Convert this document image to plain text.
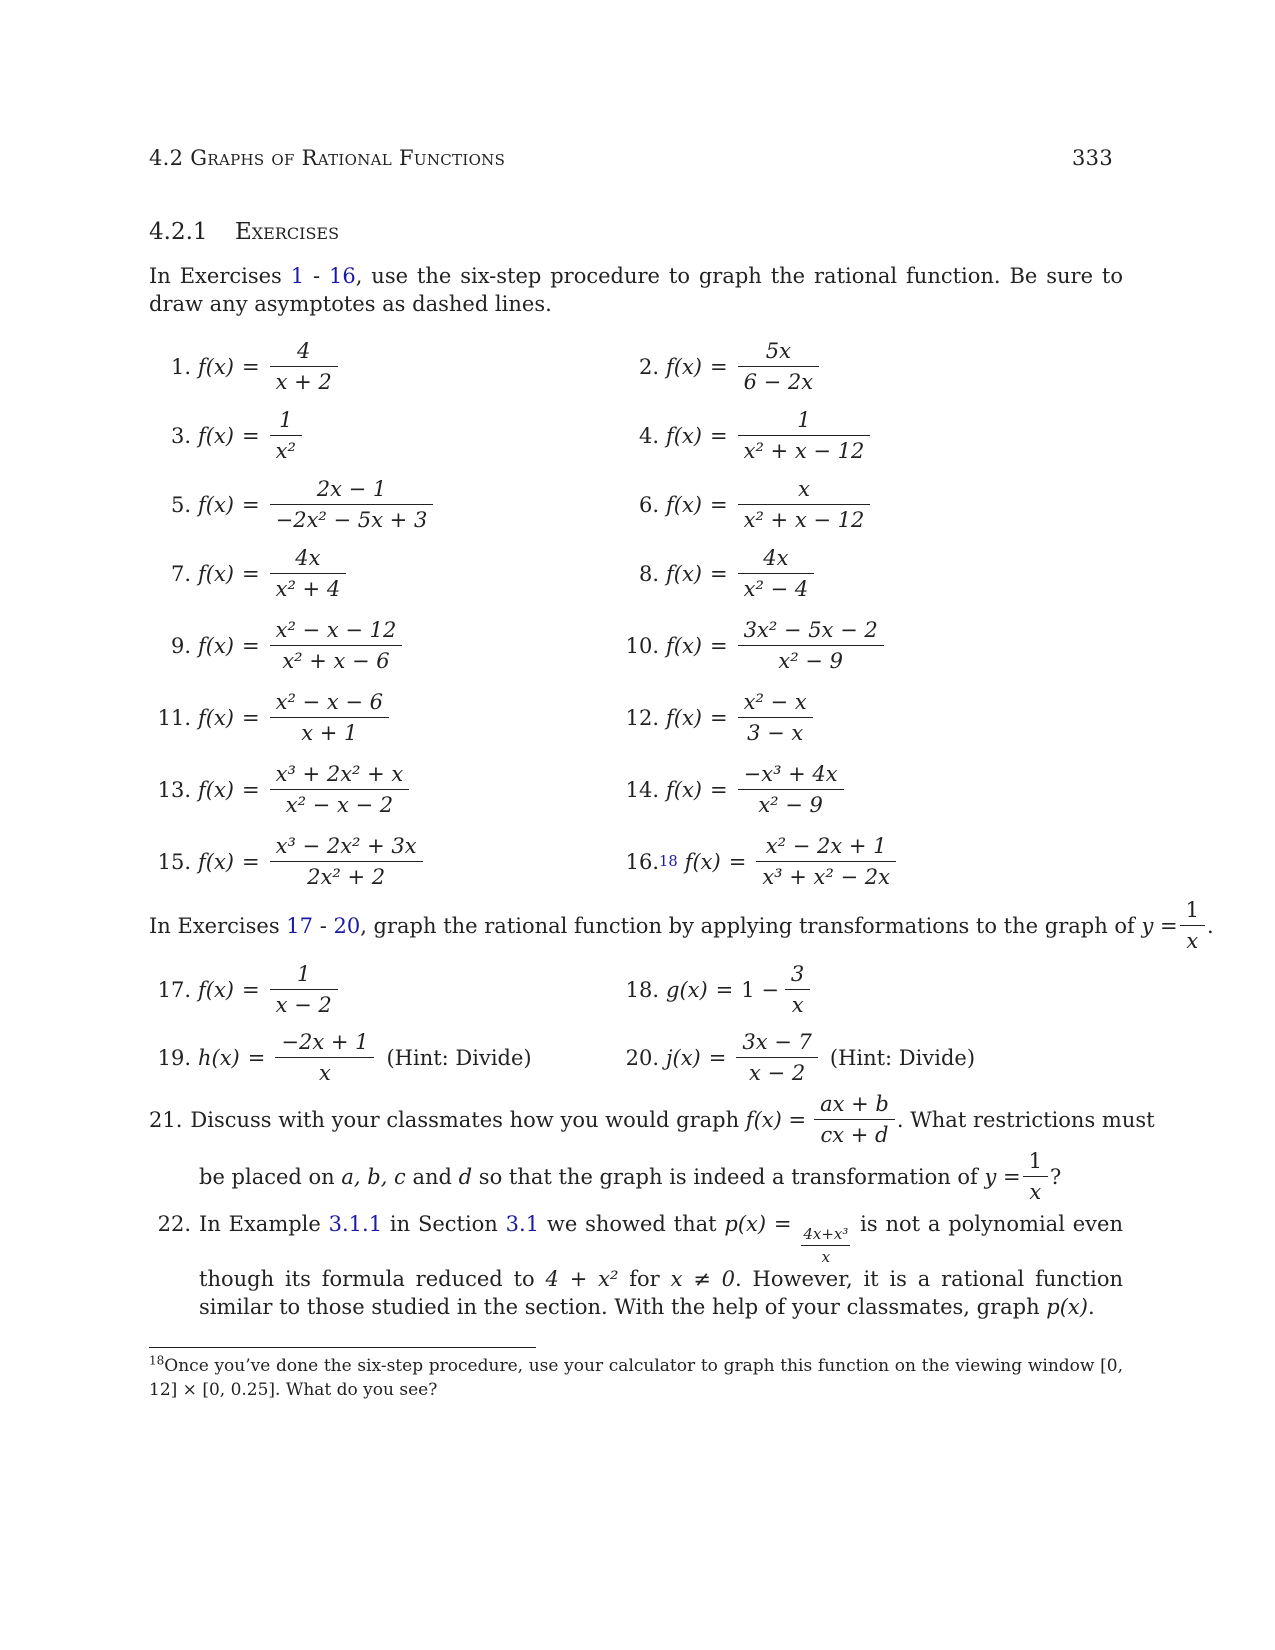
4.2 Graphs of Rational Functions	333
4.2.1 Exercises
In Exercises 1 - 16, use the six-step procedure to graph the rational function. Be sure to draw any asymptotes as dashed lines.
1. $f(x) = \frac{4}{x + 2}$	2. $f(x) = \frac{5x}{6 - 2x}$
3. $f(x) = \frac{1}{\text{x²}}$	4. $f(x) = \frac{1}{\text{x² + x − 12}}$
5. $f(x) = \frac{2x - 1}{\text{−2x² − 5x + 3}}$	6. $f(x) = \frac{x}{\text{x² + x − 12}}$
7. $f(x) = \frac{4x}{\text{x² + 4}}$	8. $f(x) = \frac{4x}{\text{x² − 4}}$
9. $f(x) = \frac{\text{x² − x − 12}}{\text{x² + x − 6}}$	10. $f(x) = \frac{\text{3x² − 5x − 2}}{\text{x² − 9}}$
11. $f(x) = \frac{\text{x² − x − 6}}{x + 1}$	12. $f(x) = \frac{\text{x² − x}}{3 - x}$
13. $f(x) = \frac{\text{x³ + 2x² + x}}{\text{x² − x − 2}}$	14. $f(x) = \frac{\text{−x³ + 4x}}{\text{x² − 9}}$
15. $f(x) = \frac{\text{x³ − 2x² + 3x}}{\text{2x² + 2}}$	16. 18 $f(x) = \frac{\text{x² − 2x + 1}}{\text{x³ + x² − 2x}}$
In Exercises
17 - 20 , graph the rational function by applying transformations to the graph of
$y = \frac{1}{x}$ .
17. $f(x) = \frac{1}{x - 2}$	18. $g(x) = 1 - \frac{3}{x}$
19. $h(x) = \frac{-2x + 1}{x}$ (Hint: Divide)	20. $j(x) = \frac{3x - 7}{x - 2}$ (Hint: Divide)
21. Discuss with your classmates how you would graph
$f(x) = \frac{ax + b}{cx + d}$ . What restrictions must
be placed on
a, b, c and d so that the graph is indeed a transformation of $y = \frac{1}{x}$ ?
22. In Example 3.1.1 in Section 3.1 we showed that p(x) =
$\frac{\text{4x+x³}}{x}$
is not a polynomial even though its formula reduced to 4 + x² for x ≠ 0. However, it is a rational function similar to those studied in the section. With the help of your classmates, graph p(x).
$^{18}$Once you’ve done the six-step procedure, use your calculator to graph this function on the viewing window [0, 12] × [0, 0.25]. What do you see?
